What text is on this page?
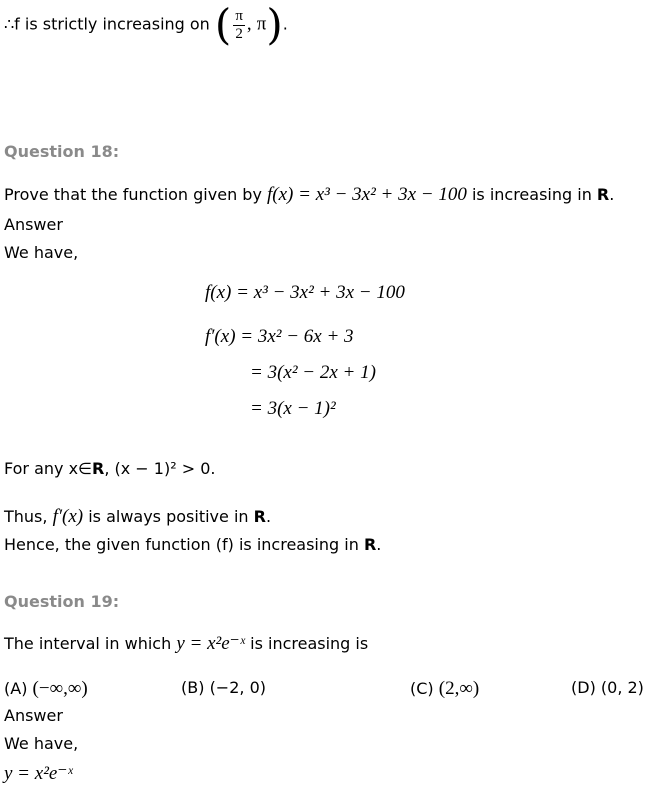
∴f is strictly increasing on ( $\frac{\pi}{2}$ , π).
Question 18:
Prove that the function given by f(x) = x³ − 3x² + 3x − 100 is increasing in R.
Answer
We have,
f(x) = x³ − 3x² + 3x − 100
f′(x) = 3x² − 6x + 3
= 3(x² − 2x + 1)
= 3(x − 1)²
For any x∈R, (x − 1)² > 0.
Thus, f′(x) is always positive in R.
Hence, the given function (f) is increasing in R.
Question 19:
The interval in which y = x²e⁻ˣ is increasing is
(A) (−∞,∞)	(B) (−2, 0)	(C) (2,∞)	(D) (0, 2)
Answer
We have,
y = x²e⁻ˣ
